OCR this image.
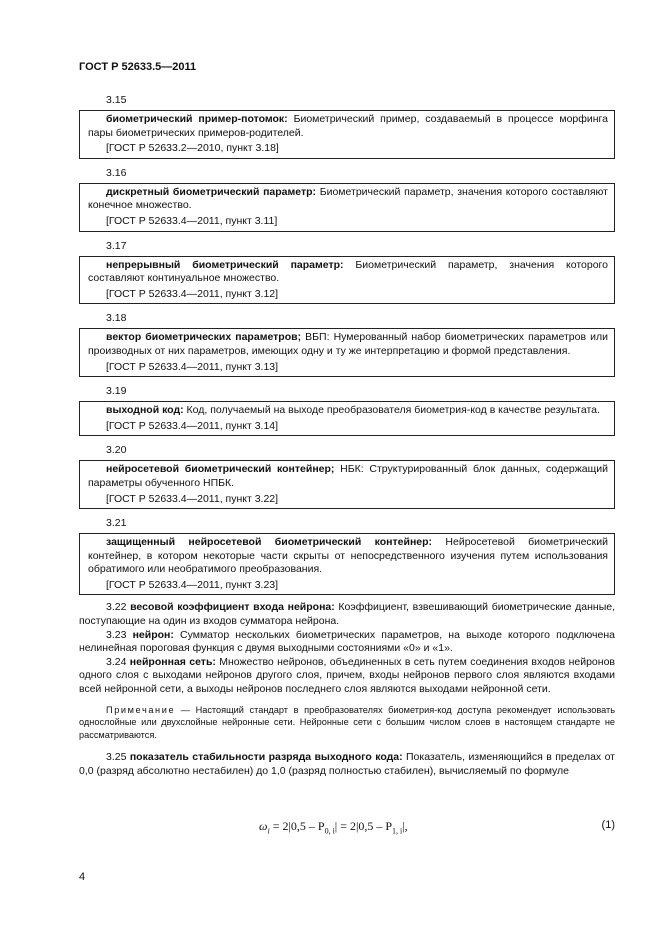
ГОСТ Р 52633.5—2011
3.15

биометрический пример-потомок: Биометрический пример, создаваемый в процессе морфинга пары биометрических примеров-родителей.

[ГОСТ Р 52633.2—2010, пункт 3.18]
3.16

дискретный биометрический параметр: Биометрический параметр, значения которого составляют конечное множество.

[ГОСТ Р 52633.4—2011, пункт 3.11]
3.17

непрерывный биометрический параметр: Биометрический параметр, значения которого составляют континуальное множество.

[ГОСТ Р 52633.4—2011, пункт 3.12]
3.18

вектор биометрических параметров; ВБП: Нумерованный набор биометрических параметров или производных от них параметров, имеющих одну и ту же интерпретацию и формой представления.

[ГОСТ Р 52633.4—2011, пункт 3.13]
3.19

выходной код: Код, получаемый на выходе преобразователя биометрия-код в качестве результата.

[ГОСТ Р 52633.4—2011, пункт 3.14]
3.20

нейросетевой биометрический контейнер; НБК: Структурированный блок данных, содержащий параметры обученного НПБК.

[ГОСТ Р 52633.4—2011, пункт 3.22]
3.21

защищенный нейросетевой биометрический контейнер: Нейросетевой биометрический контейнер, в котором некоторые части скрыты от непосредственного изучения путем использования обратимого или необратимого преобразования.

[ГОСТ Р 52633.4—2011, пункт 3.23]

3.22 весовой коэффициент входа нейрона: Коэффициент, взвешивающий биометрические данные, поступающие на один из входов сумматора нейрона.

3.23 нейрон: Сумматор нескольких биометрических параметров, на выходе которого подключена нелинейная пороговая функция с двумя выходными состояниями «0» и «1».

3.24 нейронная сеть: Множество нейронов, объединенных в сеть путем соединения входов нейронов одного слоя с выходами нейронов другого слоя, причем, входы нейронов первого слоя являются входами всей нейронной сети, а выходы нейронов последнего слоя являются выходами нейронной сети.

Примечание — Настоящий стандарт в преобразователях биометрия-код доступа рекомендует использовать однослойные или двухслойные нейронные сети. Нейронные сети с большим числом слоев в настоящем стандарте не рассматриваются.

3.25 показатель стабильности разряда выходного кода: Показатель, изменяющийся в пределах от 0,0 (разряд абсолютно нестабилен) до 1,0 (разряд полностью стабилен), вычисляемый по формуле

$\omega_i = 2|0,5 - P_{0, i}| = 2|0,5 - P_{1, i}|$,	(1)
4
